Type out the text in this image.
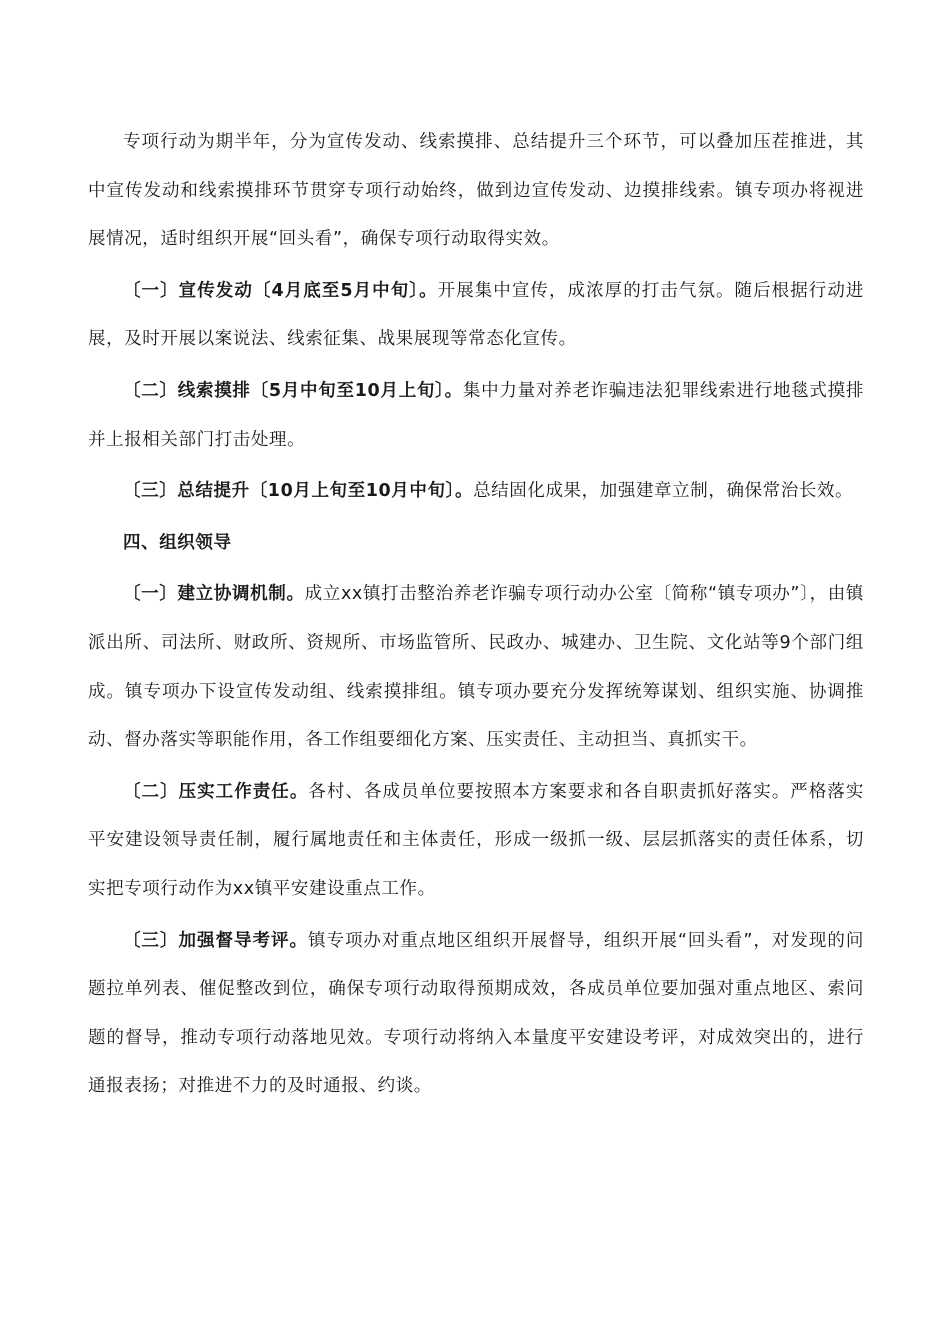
专项行动为期半年，分为宣传发动、线索摸排、总结提升三个环节，可以叠加压茬推进，其中宣传发动和线索摸排环节贯穿专项行动始终，做到边宣传发动、边摸排线索。镇专项办将视进展情况，适时组织开展“回头看”，确保专项行动取得实效。

〔一〕宣传发动〔4月底至5月中旬〕。开展集中宣传，成浓厚的打击气氛。随后根据行动进展，及时开展以案说法、线索征集、战果展现等常态化宣传。

〔二〕线索摸排〔5月中旬至10月上旬〕。集中力量对养老诈骗违法犯罪线索进行地毯式摸排并上报相关部门打击处理。

〔三〕总结提升〔10月上旬至10月中旬〕。总结固化成果，加强建章立制，确保常治长效。

四、组织领导

〔一〕建立协调机制。成立xx镇打击整治养老诈骗专项行动办公室〔简称“镇专项办”〕，由镇派出所、司法所、财政所、资规所、市场监管所、民政办、城建办、卫生院、文化站等9个部门组成。镇专项办下设宣传发动组、线索摸排组。镇专项办要充分发挥统筹谋划、组织实施、协调推动、督办落实等职能作用，各工作组要细化方案、压实责任、主动担当、真抓实干。

〔二〕压实工作责任。各村、各成员单位要按照本方案要求和各自职责抓好落实。严格落实平安建设领导责任制，履行属地责任和主体责任，形成一级抓一级、层层抓落实的责任体系，切实把专项行动作为xx镇平安建设重点工作。

〔三〕加强督导考评。镇专项办对重点地区组织开展督导，组织开展“回头看”，对发现的问题拉单列表、催促整改到位，确保专项行动取得预期成效，各成员单位要加强对重点地区、索问题的督导，推动专项行动落地见效。专项行动将纳入本量度平安建设考评，对成效突出的，进行通报表扬；对推进不力的及时通报、约谈。
